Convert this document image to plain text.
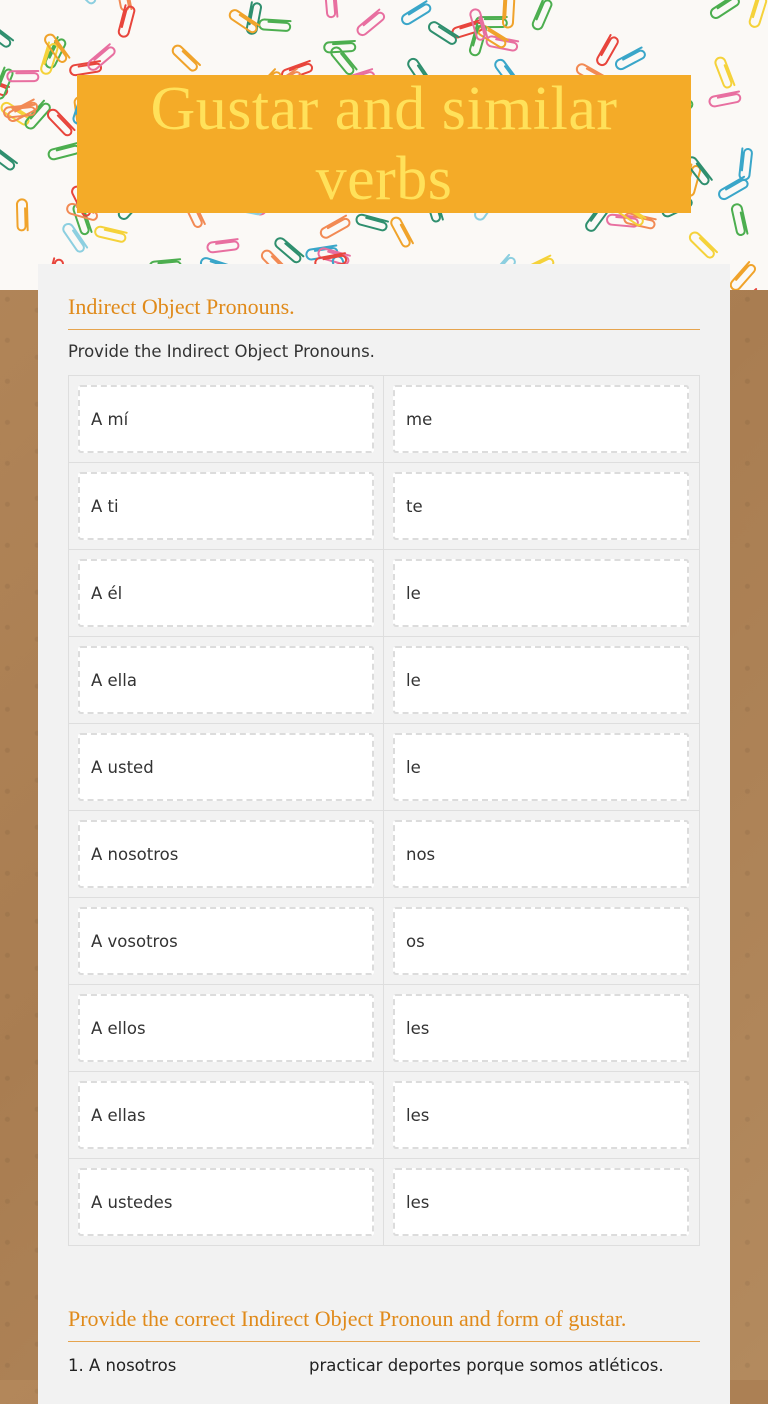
Gustar and similar verbs
Indirect Object Pronouns.
Provide the Indirect Object Pronouns.
A mí	me
A ti	te
A él	le
A ella	le
A usted	le
A nosotros	nos
A vosotros	os
A ellos	les
A ellas	les
A ustedes	les
Provide the correct Indirect Object Pronoun and form of gustar.
1. A nosotros	practicar deportes porque somos atléticos.
